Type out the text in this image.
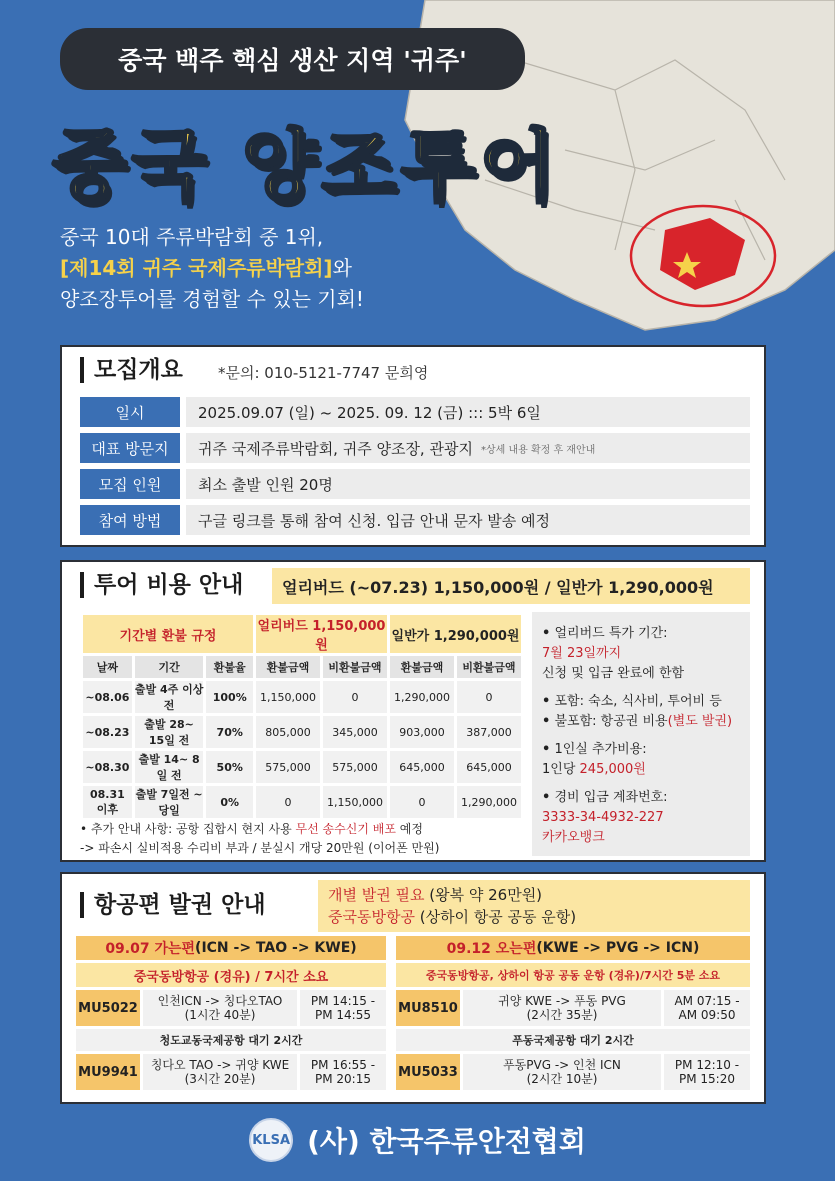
중국 백주 핵심 생산 지역 '귀주'
중국 양조투어
중국 10대 주류박람회 중 1위,
[제14회 귀주 국제주류박람회]와
양조장투어를 경험할 수 있는 기회!
모집개요 *문의: 010-5121-7747 문희영
일시	2025.09.07 (일) ~ 2025. 09. 12 (금) ::: 5박 6일
대표 방문지	귀주 국제주류박람회, 귀주 양조장, 관광지 *상세 내용 확정 후 재안내
모집 인원	최소 출발 인원 20명
참여 방법	구글 링크를 통해 참여 신청. 입금 안내 문자 발송 예정
투어 비용 안내	얼리버드 (~07.23) 1,150,000원 / 일반가 1,290,000원
기간별 환불 규정			얼리버드 1,150,000원		일반가 1,290,000원	
날짜	기간	환불율	환불금액	비환불금액	환불금액	비환불금액
~08.06	출발 4주 이상 전	100%	1,150,000	0	1,290,000	0
~08.23	출발 28~ 15일 전	70%	805,000	345,000	903,000	387,000
~08.30	출발 14~ 8일 전	50%	575,000	575,000	645,000	645,000
08.31 이후	출발 7일전 ~ 당일	0%	0	1,150,000	0	1,290,000
• 얼리버드 특가 기간:
7월 23일까지
신청 및 입금 완료에 한함
• 포함: 숙소, 식사비, 투어비 등
• 불포함: 항공권 비용(별도 발권)
• 1인실 추가비용:
1인당 245,000원
• 경비 입금 계좌번호:
3333-34-4932-227
카카오뱅크
• 추가 안내 사항: 공항 집합시 현지 사용 무선 송수신기 배포 예정
-> 파손시 실비적용 수리비 부과 / 분실시 개당 20만원 (이어폰 만원)
항공편 발권 안내	개별 발권 필요 (왕복 약 26만원)
중국동방항공 (상하이 항공 공동 운항)
09.07 가는편 (ICN -> TAO -> KWE)
중국동방항공 (경유) / 7시간 소요
MU5022 인천ICN -> 칭다오TAO
(1시간 40분)
PM 14:15 -
PM 14:55
청도교동국제공항 대기 2시간
MU9941 칭다오 TAO -> 귀양 KWE
(3시간 20분)
PM 16:55 -
PM 20:15
09.12 오는편 (KWE -> PVG -> ICN)
중국동방항공, 상하이 항공 공동 운항 (경유)/7시간 5분 소요
MU8510	귀양 KWE -> 푸동 PVG
(2시간 35분)
AM 07:15 -
AM 09:50
푸동국제공항 대기 2시간
MU5033	푸동PVG -> 인천 ICN
(2시간 10분)
PM 12:10 -
PM 15:20
KLSA (사) 한국주류안전협회
